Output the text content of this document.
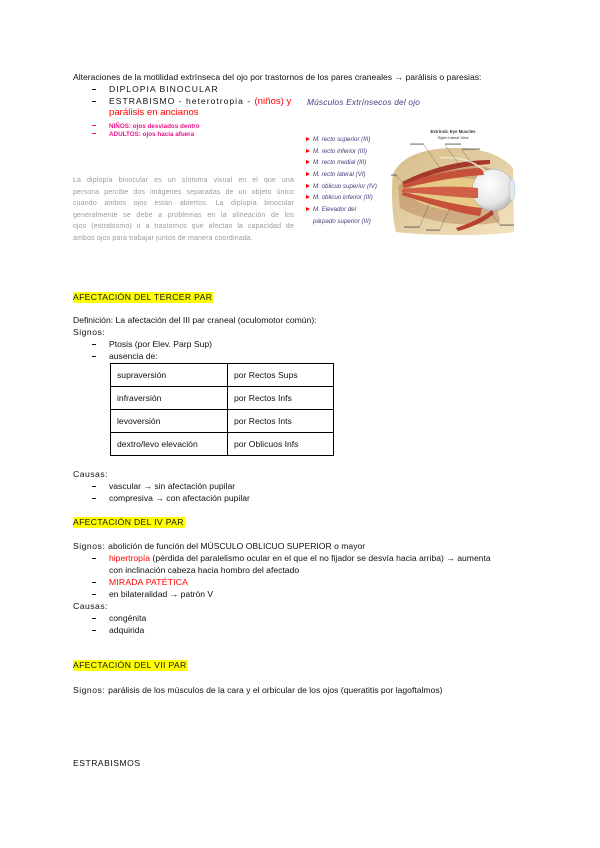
Alteraciones de la motilidad extrínseca del ojo por trastornos de los pares craneales → parálisis o paresias:
DIPLOPIA BINOCULAR
ESTRABISMO - heterotropia - (niños) y
parálisis en ancianos
NIÑOS: ojos desviados dentro
ADULTOS: ojos hacia afuera
La diplopía binocular es un síntoma visual en el que una
persona percibe dos imágenes separadas de un objeto único
cuando ambos ojos están abiertos. La diplopía binocular
generalmente se debe a problemas en la alineación de los
ojos (estrabismo) o a trastornos que afectan la capacidad de
ambos ojos para trabajar juntos de manera coordinada.
Músculos Extrínsecos del ojo
M. recto superior (III)
M. recto inferior (III)
M. recto medial (III)
M. recto lateral (VI)
M. oblicuo superior (IV)
M. oblicuo inferior (III)
M. Elevador del
párpado superior (III)
Extrinsic Eye Muscles
Right Lateral View
AFECTACIÓN DEL TERCER PAR
Definición: La afectación del III par craneal (oculomotor común):
Signos:
Ptosis (por Elev. Parp Sup)
ausencia de:
supraversión	por Rectos Sups
infraversión	por Rectos Infs
levoversión	por Rectos Ints
dextro/levo elevación	por Oblicuos Infs
Causas:
vascular → sin afectación pupilar
compresiva → con afectación pupilar
AFECTACIÓN DEL IV PAR
Signos: abolición de función del MÚSCULO OBLICUO SUPERIOR o mayor
hipertropía (pérdida del paralelismo ocular en el que el no fijador se desvía hacia arriba) → aumenta
con inclinación cabeza hacia hombro del afectado
MIRADA PATÉTICA
en bilateralidad → patrón V
Causas:
congénita
adquirida
AFECTACIÓN DEL VII PAR
Signos: parálisis de los músculos de la cara y el orbicular de los ojos (queratitis por lagoftalmos)
ESTRABISMOS
